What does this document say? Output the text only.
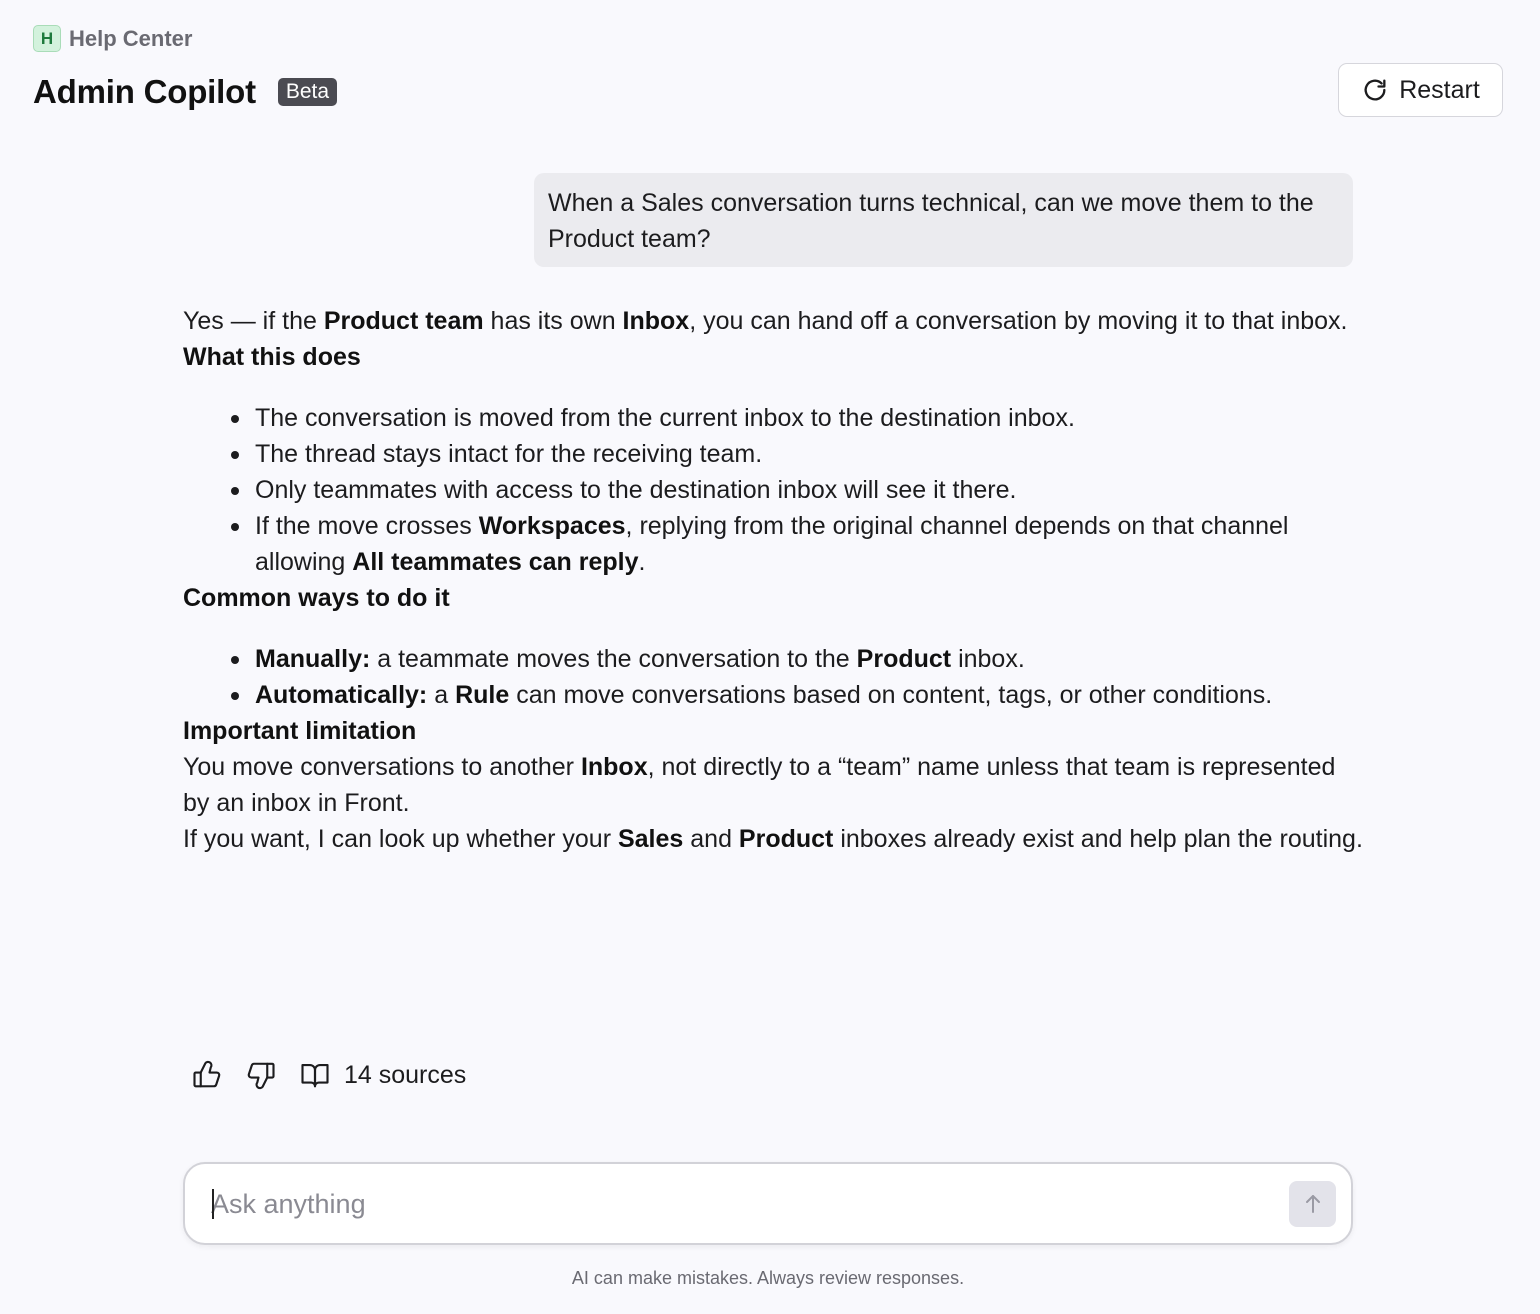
H Help Center
Admin Copilot	Beta	Restart
When a Sales conversation turns technical, can we move them to the Product team?

Yes — if the Product team has its own Inbox, you can hand off a conversation by moving it to that inbox.

What this does

The conversation is moved from the current inbox to the destination inbox.
The thread stays intact for the receiving team.
Only teammates with access to the destination inbox will see it there.
If the move crosses Workspaces, replying from the original channel depends on that channel allowing All teammates can reply.

Common ways to do it

Manually: a teammate moves the conversation to the Product inbox.
Automatically: a Rule can move conversations based on content, tags, or other conditions.

Important limitation

You move conversations to another Inbox, not directly to a “team” name unless that team is represented by an inbox in Front.

If you want, I can look up whether your Sales and Product inboxes already exist and help plan the routing.

14 sources
Ask anything
AI can make mistakes. Always review responses.
